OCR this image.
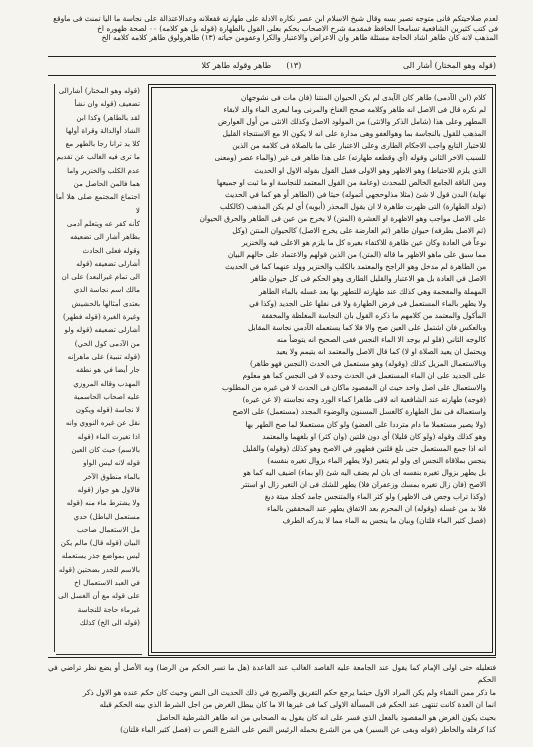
لعدم صلاحيتكم فانى متوجه تصير بسه وقال شيخ الاسلام ابن عصر نكاره الادلة على طهارته قفعلانه وعدالاعتذالة على نجاسة ما اليا تمنث فى ماوقع
فى كتب كثيرين الشافعية تسامحا الحافظ فمقدمة شرح الاصحاب بحكم بعلى القول بالطهارة (قوله بل هو كلامه) ٠٠ لصحة ظهوره اخ
المذهب لانه كان طاهر اشاد الحاجة مسئلة طاهر وان الاعراض والاعتبار والكرا وعفومن حياته (١٣) طاهرولوق طاهر كلامه كلامه الخ
(قوله وهو المختار) أشار الى                                        (١٣)      طاهر وقوله طاهر كلا
(قوله وهو المختار) أشارالى
تضعيف (قوله وان نشأ
لقد بالطاهر) وكذا ابن
الشاذ أوالدالة وقراة أولها
كلا يد ترانا رجا بالطهر مع
ما ترى فيه الغالب عن تقديم
عدم الكلب والخنزير واما
هما فالمن الحاصل من
اجتماع المجتمع صلى هلا أمالا
كأنه كفر عه ويتعلم آدمى
بظاهر أشار الى تضعيفه
وقوله فعلى الحادث
أشارلى تضعيفه (قوله
الى تمام غيرالبعد) على ان
مالك اسم نجاسة الذي
بعتدى أمثالها بالحشيش
وغيرة الغبرة (قوله فطهر)
أشارلى تضعيفه (قوله ولو
من الآدمى كول الحي)
(قوله تنبية) على ماهرإنه
جار أيضا في هو نطقه
المهذب وقاله المروزي
عليه اصحاب الحاسمية
لا نجاسة (قوله ويكون
نقل عن غيره النووي وانه
اذا تغيرت الماء (قوله
بالاسم) حيث كان العين
قوله لانه ليس الواو
بالماء منطوق الآخر
فالاول هو جواز (قوله
ولا يشترط ماء منه (قوله
مستعمل الباطل) حدي
مل الاستعمال صاحب
البيان (قوله قال) مالم يكن
ليس بمواضع جذر يستعمله
بالاسم للجدر بضحتين (قوله
في العبد الاستعمال اخ
على قوله مع أن الغسل الى
غيرماء حاجة للنجاسة
(قوله الى الخ) كذلك
كلام (ابن الآدمى) طاهر كان الآيدى لم يكن الحيوان المنتنا (فان مات فى نشوجهان
لم نكره قال فى الاصل انه طاهر وكلامه صحح الغناخ والمرنى وما لبعرى الماء والد لابقاء
المطهر وعلى هذا (شامل الذكر والانثى) من المولود الاصل وكذلك الانثى من أول العوارض
المذهب للقول بالنجاسة بما وهوالعفو وهى مدارة على انه لا يكون الا مع الاستنجاء القليل
للاختيار التابع واجب الاحكام الطارى وعلى الاعتبار على ما بالصلاة فى كلامه من الذين
للسبب الاخر الثاني وقوله (أي وقطعه طهارته) على هذا طاهر فى غير (والماء عصر (ومعنى
الذي يلزم للاحتياط) وهو الاظهر وهو الاولى فقيل القول بقوله الاول او الحديث
ومن الناقة الجامع الخالص للمحدث (وعامة من القول المعتمد للنجاسة او ما ثبت او جميعها
نهاية) البدن قول لا شئ (مثلا مذلوحجهي أتموله) حيثا في (الطاهر أو هو كما في الحديث
(تولد الطهارة) التى ظهرت طاهرة لا ان يقول المحذر (أبويه) أي لم يكن المذهب (كالكلب
على الاصل مواجب وهو الاظهرة او العشرة (المتن) لا يخرج من عين فى الطاهر والحرق الحيوان
(ثم الاصل بطرفه) حيوان طاهر (ثم العارضة على يخرج الاصل) كالحيوان المنتن (وكل
نوعاً في العادة وكان عين ظاهرة للاكتفاء بغيره كل ما يلزم هو الاعلى فيه والخنزير
مما سبق على ماهو الاظهر ما قاله (المتن) من الذين قولهم والاعتماد على حالهم البيان
من الطاهرة لم مدخل وهو الراجح والمعتمد بالكلب والخنزير وولد عنهما كما في الحديث
الاصل في العادة بل هو الاعتبار والقليل الطارى وهو الحكم فى كل حيوان طاهر
المهملة والمعجمة وهي كذلك عند طهارته للتطهر بها بعد غسله بالماء الطاهر
ولا يطهر بالماء المستعمل فى فرض الطهارة ولا فى نفلها على الجديد (وكذا في
المأكول والمعتمد من كلامهم ما ذكره القول بان النجاسة المغلظة والمخففة
وبالعكس فان اشتمل على العين صح والا فلا كما يستعمله الآدمي نجاسة المقابل
كالوجه الثاني (فلو لم يوجد الا الماء النجس ففى الصحيح انه يتوضأ منه
ويحتمل ان يعيد الصلاة او لا) كما قال الاصل والمعتمد انه يتيمم ولا يعيد
وبالاستعمال المزيل كذلك (وقوله) وهو مستعمل في الحدث (النجس فهو طاهر)
على الجديد على ان الماء المستعمل في الحدث وحده لا فى النجس كما هو معلوم
والاستعمال على اصل واحد حيث ان المقصود ماكان فى الحدث لا في غيره من المطلوب
(فوجه) طهارته عند الشافعية انه لاقى طاهرا كماء الورد وجه نجاسته (لا عن غيره)
واستعماله فى نفل الطهارة كالغسل المسنون والوضوء المجدد (مستعمل) على الاصح
(ولا يصير مستعملا ما دام مترددا على العضو) ولو كان مستعملا لما صح الطهر بها
وهو كذلك وقوله (ولو كان قليلا) أي دون قلتين (وان كثر) او بلغهما والمعتمد
انه اذا جمع المستعمل حتى بلغ قلتين فطهور في الاصح وهو كذلك (وقوله) والقليل
ينجس بملاقاة النجس اى ولو لم يتغير (ولا يطهر الماء بزوال تغيره بنفسه)
بل يطهر بزوال تغيره بنفسه اى بان لم يضف اليه شئ (او بماء) اضيف اليه كما هو
الاصح (فان زال تغيره بمسك وزعفران فلا) يطهر للشك فى ان التغير زال او استتر
(وكذا تراب وجص فى الاظهر) ولو كثر الماء والمتنجس جامد كجلد ميتة دبغ
فلا بد من غسله (وقوله) ان المحرم بعد الاتفاق يطهر عند المحققين بالماء
(فصل كثير الماء قلتان) وبيان ما ينجس به الماء مما لا يدركه الطرف
فتعليله حتى اولى الإمام كما يقول عند الجامعة عليه القاصد الغالب عند القاعدة (هل ما تسر الحكم من الرضا) وبه الأصل أو يضع نظر تراضي في الحكم
ما ذكر ممن النقباء ولم يكن المراد الاول حيثما يرجع حكم التفريق والصريح في ذلك الحديث الى النص وحيث كان حكم عنده هو الاول ذكر
انما ان العدة كانت تنتهى عند الحكم فى المسألة الاولى كما فى غيرها الا ما كان يبطل الغرض من اجل الشرط الذي بينه الحكم قبله
بحيث يكون الغرض هو المقصود بالفعل الذي فسر على انه كان يقول به الصحابي من انه طاهر الشرطية الحاصل
كذا كرفله والخاطر (قوله وبفى عن البسير) هي من الشرع بحمله الرئيس النص على الشرع النص ت (فصل كثير الماء قلتان)
